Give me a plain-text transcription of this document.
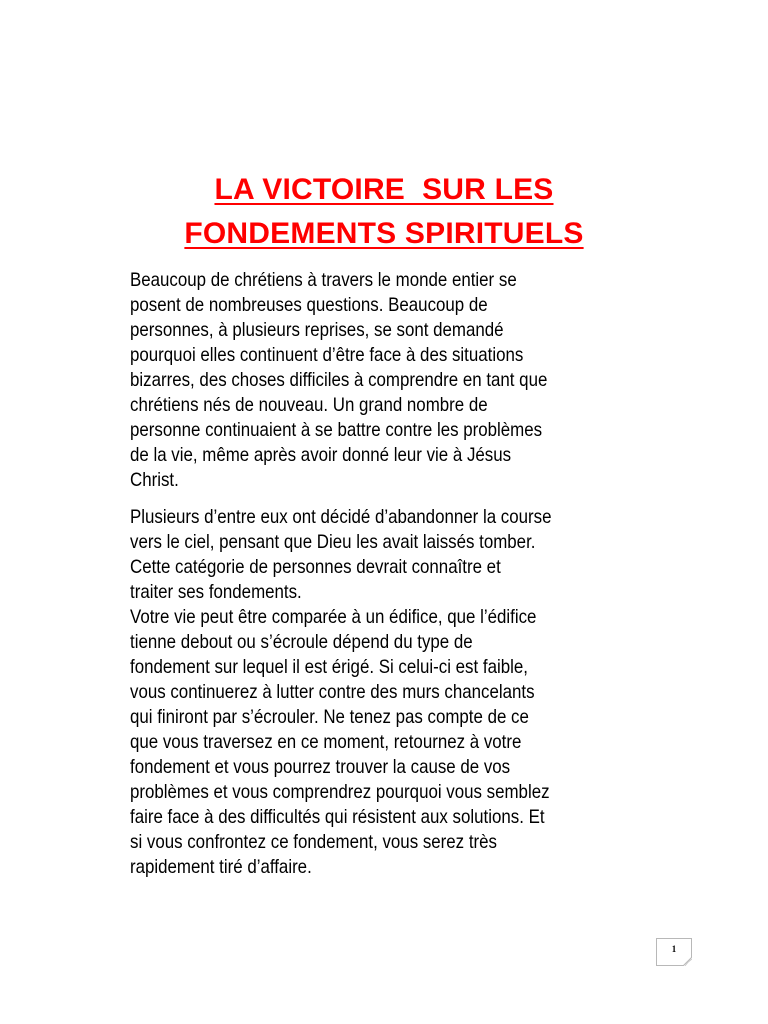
LA VICTOIRE  SUR LES
FONDEMENTS SPIRITUELS
Beaucoup de chrétiens à travers le monde entier se
posent de nombreuses questions. Beaucoup de
personnes, à plusieurs reprises, se sont demandé
pourquoi elles continuent d’être face à des situations
bizarres, des choses difficiles à comprendre en tant que
chrétiens nés de nouveau. Un grand nombre de
personne continuaient à se battre contre les problèmes
de la vie, même après avoir donné leur vie à Jésus
Christ.
Plusieurs d’entre eux ont décidé d’abandonner la course
vers le ciel, pensant que Dieu les avait laissés tomber.
Cette catégorie de personnes devrait connaître et
traiter ses fondements.
Votre vie peut être comparée à un édifice, que l’édifice
tienne debout ou s’écroule dépend du type de
fondement sur lequel il est érigé. Si celui-ci est faible,
vous continuerez à lutter contre des murs chancelants
qui finiront par s’écrouler. Ne tenez pas compte de ce
que vous traversez en ce moment, retournez à votre
fondement et vous pourrez trouver la cause de vos
problèmes et vous comprendrez pourquoi vous semblez
faire face à des difficultés qui résistent aux solutions. Et
si vous confrontez ce fondement, vous serez très
rapidement tiré d’affaire.
1
